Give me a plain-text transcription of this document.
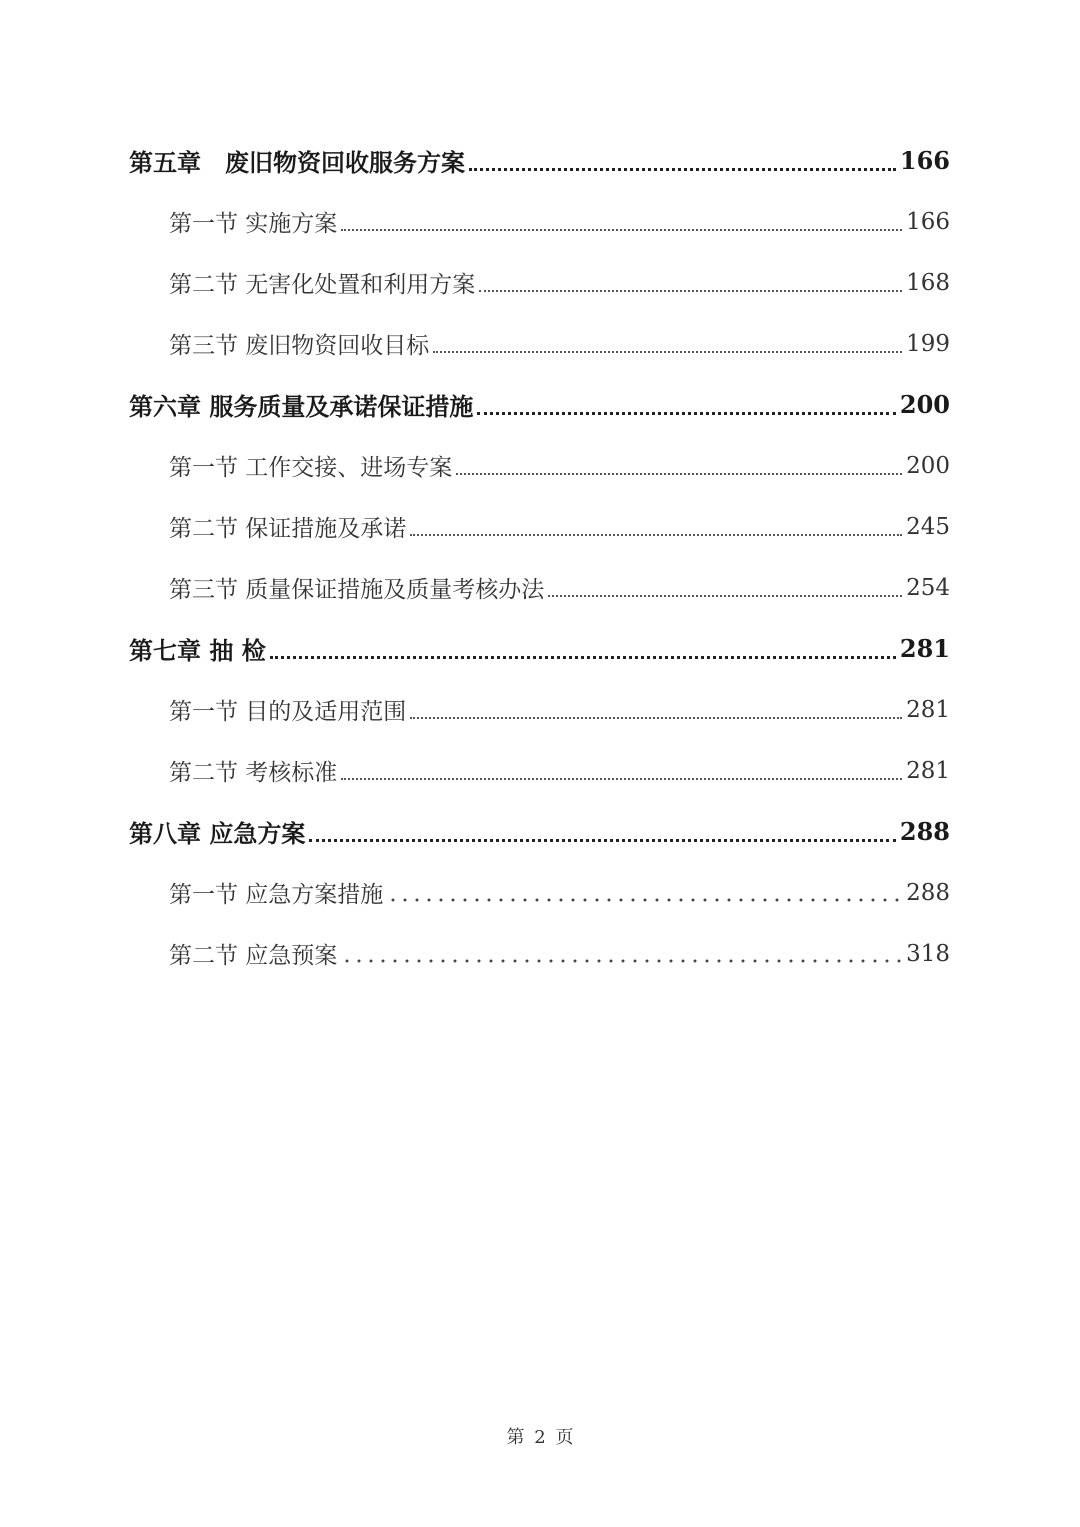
第五章　废旧物资回收服务方案	166
第一节 实施方案	166
第二节 无害化处置和利用方案	168
第三节 废旧物资回收目标	199
第六章 服务质量及承诺保证措施	200
第一节 工作交接、进场专案	200
第二节 保证措施及承诺	245
第三节 质量保证措施及质量考核办法	254
第七章 抽 检	281
第一节 目的及适用范围	281
第二节 考核标准	281
第八章 应急方案	288
第一节 应急方案措施	288
第二节 应急预案	318
第 2 页
